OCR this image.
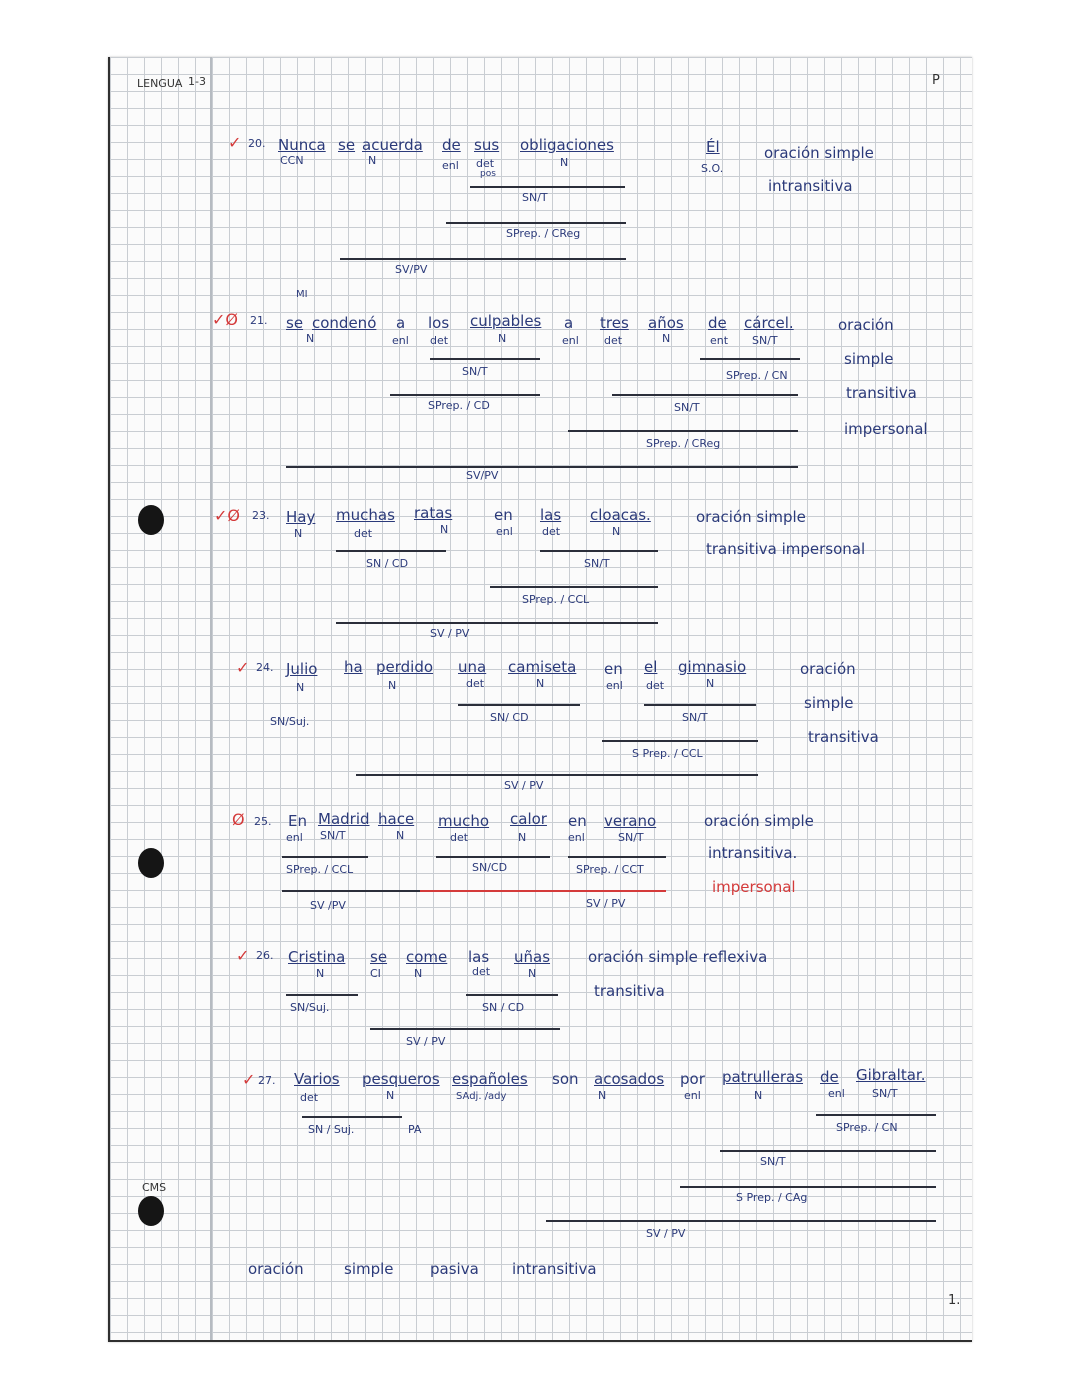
LENGUA 1-3	P
CMS
1.
✓ 20. Nunca se acuerda de sus obligaciones
CCN	N	enl det
pos
N
Él
S.O.
oración simple
intransitiva
SN/T
SPrep. / CReg
SV/PV
✓Ø 21.
MI
se condenó a los culpables a tres años de cárcel.
N	enl det	N	enl det	N	ent SN/T
oración
simple
transitiva
impersonal
SN/T	SPrep. / CN
SPrep. / CD	SN/T
SPrep. / CReg
SV/PV
✓Ø 23. Hay muchas ratas	en las cloacas.
N	det	N	enl	det	N
oración simple
transitiva impersonal
SN / CD	SN/T
SPrep. / CCL
SV / PV
✓ 24. Julio ha perdido una camiseta en el gimnasio
N	N	det	N	enl det	N
SN/Suj.
oración
simple
transitiva
SN/ CD	SN/T
S Prep. / CCL
SV / PV
Ø 25. En Madrid hace mucho calor en verano
enl SN/T	N	det	N	enl	SN/T
oración simple
intransitiva.
impersonal
SPrep. / CCL	SN/CD	SPrep. / CCT
SV /PV	SV / PV
✓ 26. Cristina se come las uñas
N	CI	N	det	N
oración simple reflexiva
transitiva
SN/Suj.	SN / CD
SV / PV
✓ 27. Varios pesqueros españoles son acosados por patrulleras de Gibraltar.
det	N	SAdj. /ady	N	enl	N	enl SN/T
SN / Suj.	PA	SPrep. / CN
SN/T
S Prep. / CAg
SV / PV
oración	simple pasiva intransitiva
